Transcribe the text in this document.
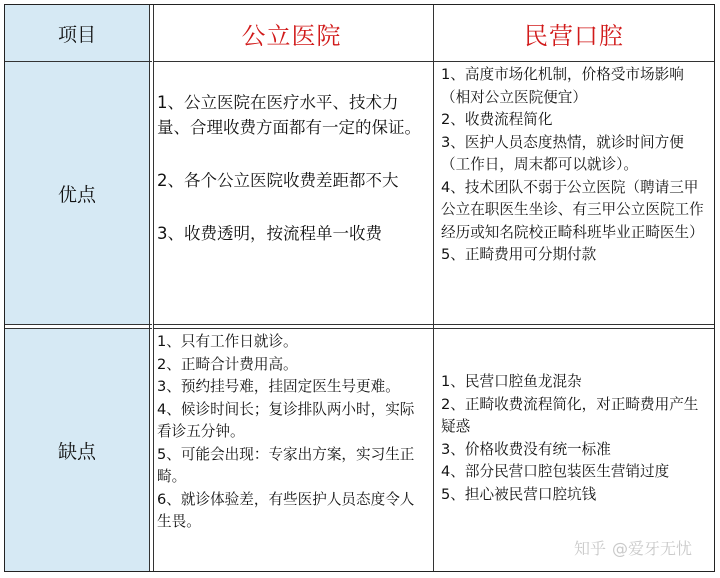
项目	公立医院	民营口腔
优点

1、公立医院在医疗水平、技术力量、合理收费方面都有一定的保证。

2、各个公立医院收费差距都不大

3、收费透明，按流程单一收费

1、高度市场化机制，价格受市场影响（相对公立医院便宜）

2、收费流程简化

3、医护人员态度热情，就诊时间方便（工作日，周末都可以就诊）。

4、技术团队不弱于公立医院（聘请三甲公立在职医生坐诊、有三甲公立医院工作经历或知名院校正畸科班毕业正畸医生）

5、正畸费用可分期付款

缺点

1、只有工作日就诊。

2、正畸合计费用高。

3、预约挂号难，挂固定医生号更难。

4、候诊时间长；复诊排队两小时，实际看诊五分钟。

5、可能会出现：专家出方案，实习生正畸。

6、就诊体验差，有些医护人员态度令人生畏。

1、民营口腔鱼龙混杂

2、正畸收费流程简化，对正畸费用产生疑惑

3、价格收费没有统一标准

4、部分民营口腔包装医生营销过度

5、担心被民营口腔坑钱

知乎 @爱牙无忧
